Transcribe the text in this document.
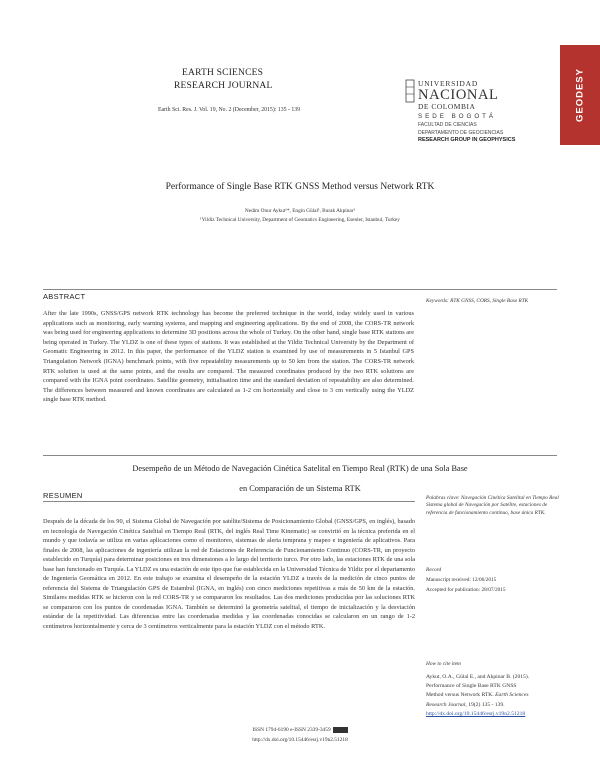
EARTH SCIENCES
RESEARCH JOURNAL
Earth Sci. Res. J. Vol. 19, No. 2 (December, 2015): 135 - 139
UNIVERSIDAD
NACIONAL
DE COLOMBIA
SEDE BOGOTÁ
FACULTAD DE CIENCIAS
DEPARTAMENTO DE GEOCIENCIAS
RESEARCH GROUP IN GEOPHYSICS
GEODESY
Performance of Single Base RTK GNSS Method versus Network RTK
Nedim Onur Aykut¹*, Engin Gülal¹, Burak Akpinar¹
¹Yildiz Technical University, Department of Geomatics Engineering, Esenler, Istanbul, Turkey
ABSTRACT	Keywords: RTK GNSS, CORS, Single Base RTK
After the late 1990s, GNSS/GPS network RTK technology has become the preferred technique in the world, today widely used in various applications such as monitoring, early warning systems, and mapping and engineering applications. By the end of 2008, the CORS-TR network was being used for engineering applications to determine 3D positions across the whole of Turkey. On the other hand, single base RTK stations are being operated in Turkey. The YLDZ is one of these types of stations. It was established at the Yildiz Technical University by the Department of Geomatic Engineering in 2012. In this paper, the performance of the YLDZ station is examined by use of measurements in 5 Istanbul GPS Triangulation Network (IGNA) benchmark points, with five repeatability measurements up to 50 km from the station. The CORS-TR network RTK solution is used at the same points, and the results are compared. The measured coordinates produced by the two RTK solutions are compared with the IGNA point coordinates. Satellite geometry, initialisation time and the standard deviation of repeatability are also determined. The differences between measured and known coordinates are calculated as 1-2 cm horizontally and close to 3 cm vertically using the YLDZ single base RTK method.
Desempeño de un Método de Navegación Cinética Satelital en Tiempo Real (RTK) de una Sola Base
en Comparación de un Sistema RTK
RESUMEN
Después de la década de los 90, el Sistema Global de Navegación por satélite/Sistema de Posicionamiento Global (GNSS/GPS, en inglés), basado en tecnología de Navegación Cinética Satelital en Tiempo Real (RTK, del inglés Real Time Kinematic) se convirtió en la técnica preferida en el mundo y que todavía se utiliza en varias aplicaciones como el monitoreo, sistemas de alerta temprana y mapeo e ingeniería de aplicativos. Para finales de 2008, las aplicaciones de ingeniería utilizan la red de Estaciones de Referencia de Funcionamiento Continuo (CORS-TR, un proyecto establecido en Turquía) para determinar posiciones en tres dimensiones a lo largo del territorio turco. Por otro lado, las estaciones RTK de una sola base han funcionado en Turquía. La YLDZ es una estación de este tipo que fue establecida en la Universidad Técnica de Yildiz por el departamento de Ingeniería Geomática en 2012. En este trabajo se examina el desempeño de la estación YLDZ a través de la medición de cinco puntos de referencia del Sistema de Triangulación GPS de Estambul (IGNA, en inglés) con cinco mediciones repetitivas a más de 50 km de la estación. Similares medidas RTK se hicieron con la red CORS-TR y se compararon los resultados. Las dos mediciones producidas por las soluciones RTK se compararon con los puntos de coordenadas IGNA. También se determinó la geometría satelital, el tiempo de inicialización y la desviación estándar de la repetitividad. Las diferencias entre las coordenadas medidas y las coordenadas conocidas se calcularon en un rango de 1-2 centímetros horizontalmente y cerca de 3 centímetros verticalmente para la estación YLDZ con el método RTK.
Palabras clave: Navegación Cinética Satelital en Tiempo Real Sistema global de Navegación por Satélite, estaciones de referencia de funcionamiento continuo, base única RTK.
Record
Manuscript received: 12/06/2015
Accepted for publication: 28/07/2015
How to cite item
Aykut, O.A., Gülal E., and Akpinar B. (2015).
Performance of Single Base RTK GNSS
Method versus Network RTK. Earth Sciences
Research Journal, 19(2) 135 - 139.
http://dx.doi.org/10.15446/esrj.v19n2.51218
ISSN 1794-6190 e-ISSN 2339-3459
http://dx.doi.org/10.15446/esrj.v19n2.51218
